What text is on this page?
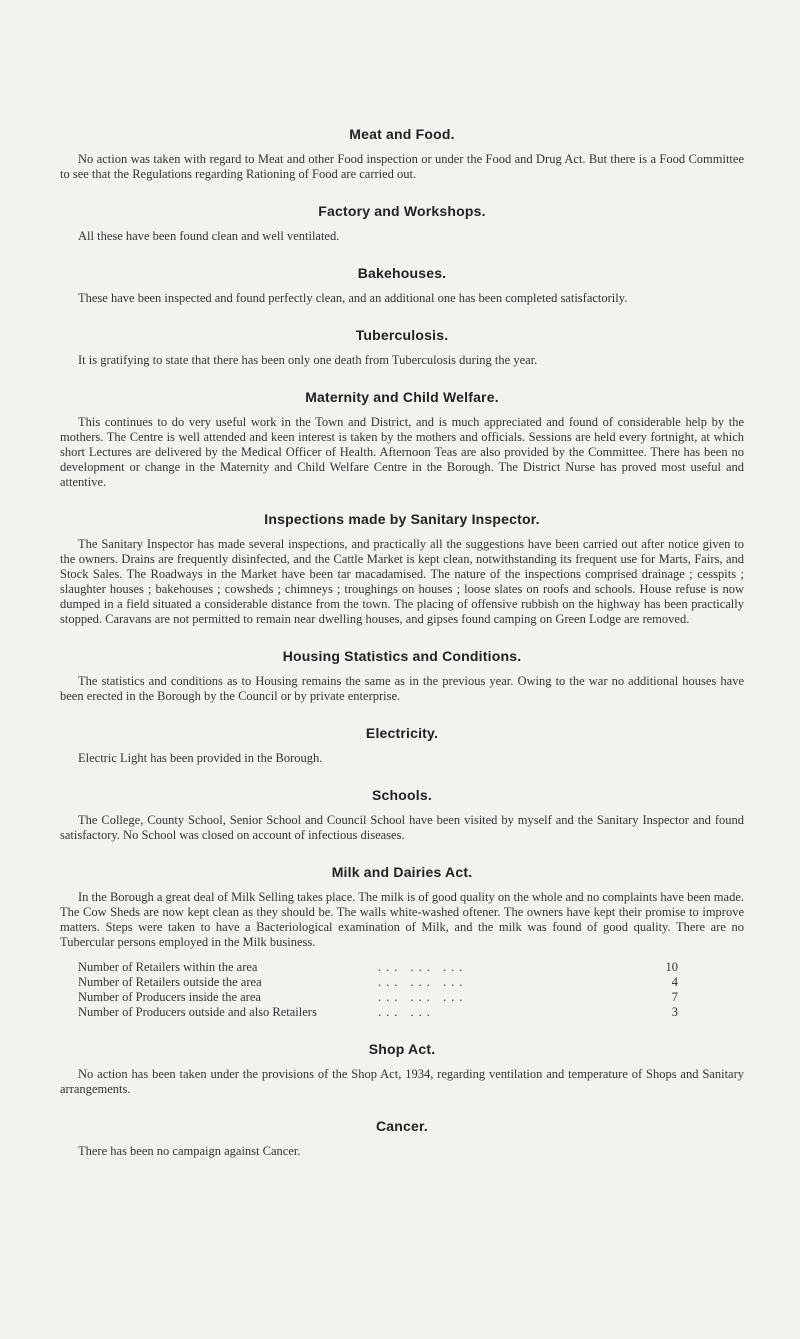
Meat and Food.

No action was taken with regard to Meat and other Food inspection or under the Food and Drug Act. But there is a Food Committee to see that the Regulations regarding Rationing of Food are carried out.

Factory and Workshops.

All these have been found clean and well ventilated.

Bakehouses.

These have been inspected and found perfectly clean, and an additional one has been completed satisfactorily.

Tuberculosis.

It is gratifying to state that there has been only one death from Tuberculosis during the year.

Maternity and Child Welfare.

This continues to do very useful work in the Town and District, and is much appreciated and found of considerable help by the mothers. The Centre is well attended and keen interest is taken by the mothers and officials. Sessions are held every fortnight, at which short Lectures are delivered by the Medical Officer of Health. Afternoon Teas are also provided by the Committee. There has been no development or change in the Maternity and Child Welfare Centre in the Borough. The District Nurse has proved most useful and attentive.

Inspections made by Sanitary Inspector.

The Sanitary Inspector has made several inspections, and practically all the suggestions have been carried out after notice given to the owners. Drains are frequently disinfected, and the Cattle Market is kept clean, notwithstanding its frequent use for Marts, Fairs, and Stock Sales. The Roadways in the Market have been tar macadamised. The nature of the inspections comprised drainage ; cesspits ; slaughter houses ; bakehouses ; cowsheds ; chimneys ; troughings on houses ; loose slates on roofs and schools. House refuse is now dumped in a field situated a considerable distance from the town. The placing of offensive rubbish on the highway has been practically stopped. Caravans are not permitted to remain near dwelling houses, and gipses found camping on Green Lodge are removed.

Housing Statistics and Conditions.

The statistics and conditions as to Housing remains the same as in the previous year. Owing to the war no additional houses have been erected in the Borough by the Council or by private enterprise.

Electricity.

Electric Light has been provided in the Borough.

Schools.

The College, County School, Senior School and Council School have been visited by myself and the Sanitary Inspector and found satisfactory. No School was closed on account of infectious diseases.

Milk and Dairies Act.

In the Borough a great deal of Milk Selling takes place. The milk is of good quality on the whole and no complaints have been made. The Cow Sheds are now kept clean as they should be. The walls white-washed oftener. The owners have kept their promise to improve matters. Steps were taken to have a Bacteriological examination of Milk, and the milk was found of good quality. There are no Tubercular persons employed in the Milk business.

Number of Retailers within the area	... ... ...	10
Number of Retailers outside the area	... ... ...	4
Number of Producers inside the area	... ... ...	7
Number of Producers outside and also Retailers	... ...	3
Shop Act.

No action has been taken under the provisions of the Shop Act, 1934, regarding ventilation and temperature of Shops and Sanitary arrangements.

Cancer.

There has been no campaign against Cancer.
